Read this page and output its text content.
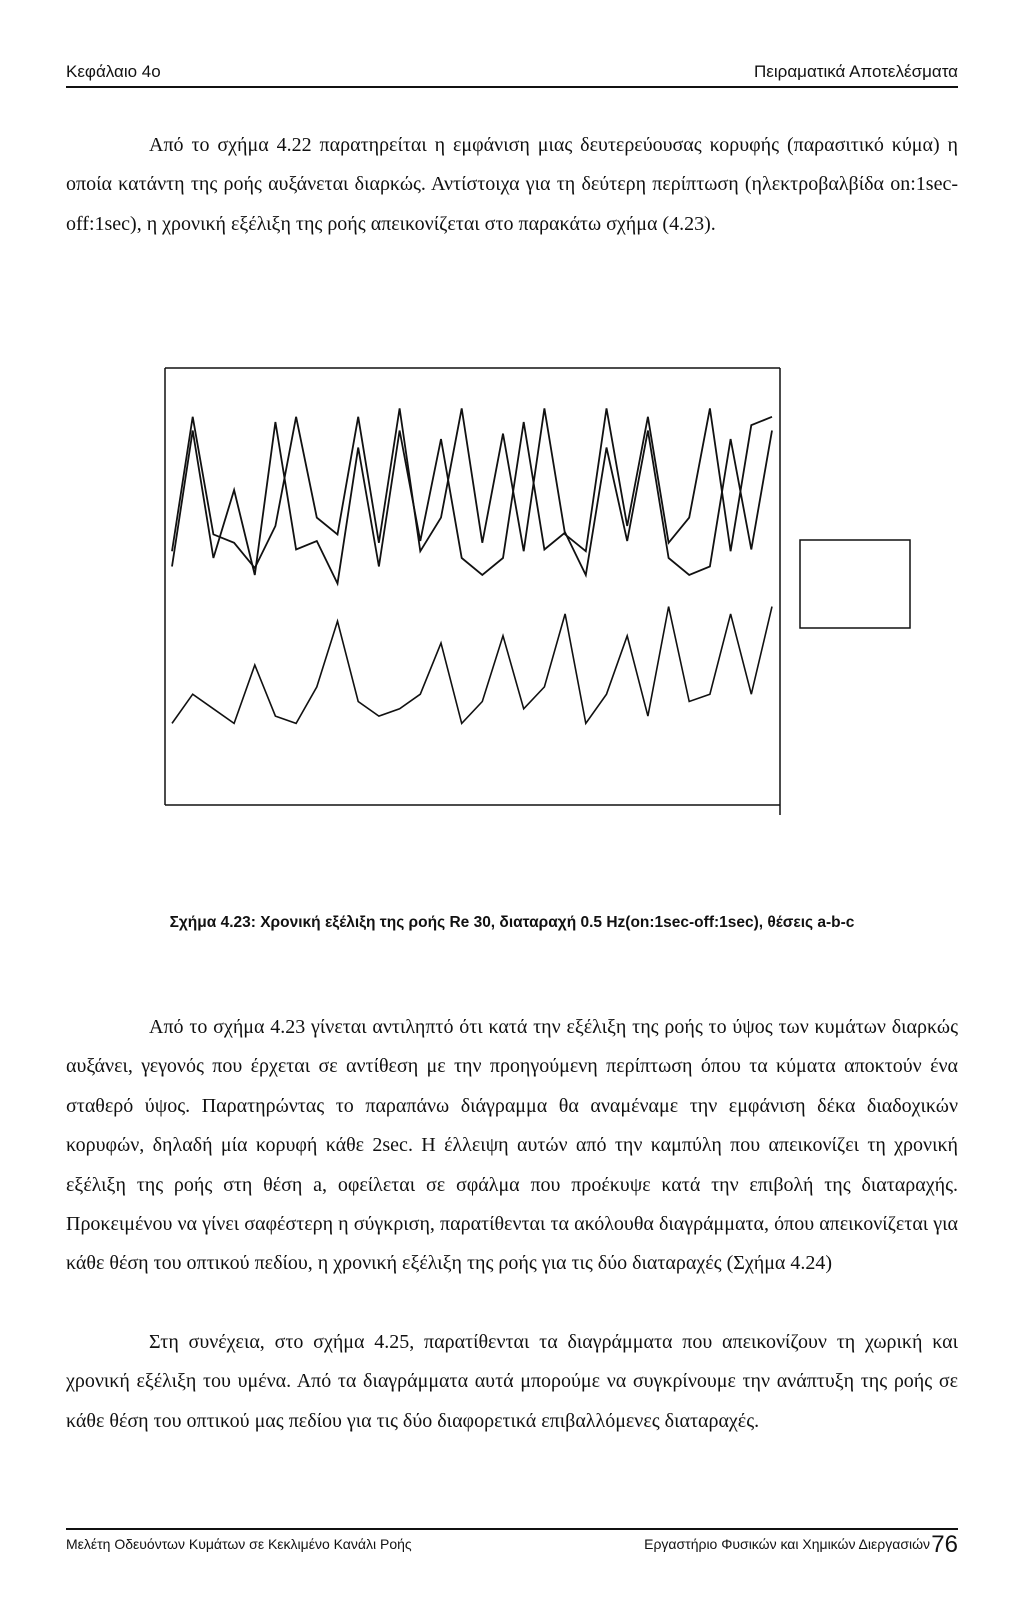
Κεφάλαιο 4ο	Πειραματικά Αποτελέσματα

Από το σχήμα 4.22 παρατηρείται η εμφάνιση μιας δευτερεύουσας κορυφής (παρασιτικό κύμα) η οποία κατάντη της ροής αυξάνεται διαρκώς. Αντίστοιχα για τη δεύτερη περίπτωση (ηλεκτροβαλβίδα on:1sec-off:1sec), η χρονική εξέλιξη της ροής απεικονίζεται στο παρακάτω σχήμα (4.23).

Σχήμα 4.23: Χρονική εξέλιξη της ροής Re 30, διαταραχή 0.5 Hz(on:1sec-off:1sec), θέσεις a-b-c

Από το σχήμα 4.23 γίνεται αντιληπτό ότι κατά την εξέλιξη της ροής το ύψος των κυμάτων διαρκώς αυξάνει, γεγονός που έρχεται σε αντίθεση με την προηγούμενη περίπτωση όπου τα κύματα αποκτούν ένα σταθερό ύψος. Παρατηρώντας το παραπάνω διάγραμμα θα αναμέναμε την εμφάνιση δέκα διαδοχικών κορυφών, δηλαδή μία κορυφή κάθε 2sec. Η έλλειψη αυτών από την καμπύλη που απεικονίζει τη χρονική εξέλιξη της ροής στη θέση a, οφείλεται σε σφάλμα που προέκυψε κατά την επιβολή της διαταραχής. Προκειμένου να γίνει σαφέστερη η σύγκριση, παρατίθενται τα ακόλουθα διαγράμματα, όπου απεικονίζεται για κάθε θέση του οπτικού πεδίου, η χρονική εξέλιξη της ροής για τις δύο διαταραχές (Σχήμα 4.24)

Στη συνέχεια, στο σχήμα 4.25, παρατίθενται τα διαγράμματα που απεικονίζουν τη χωρική και χρονική εξέλιξη του υμένα. Από τα διαγράμματα αυτά μπορούμε να συγκρίνουμε την ανάπτυξη της ροής σε κάθε θέση του οπτικού μας πεδίου για τις δύο διαφορετικά επιβαλλόμενες διαταραχές.

Μελέτη Οδευόντων Κυμάτων σε Κεκλιμένο Κανάλι Ροής	Εργαστήριο Φυσικών και Χημικών Διεργασιών 76
